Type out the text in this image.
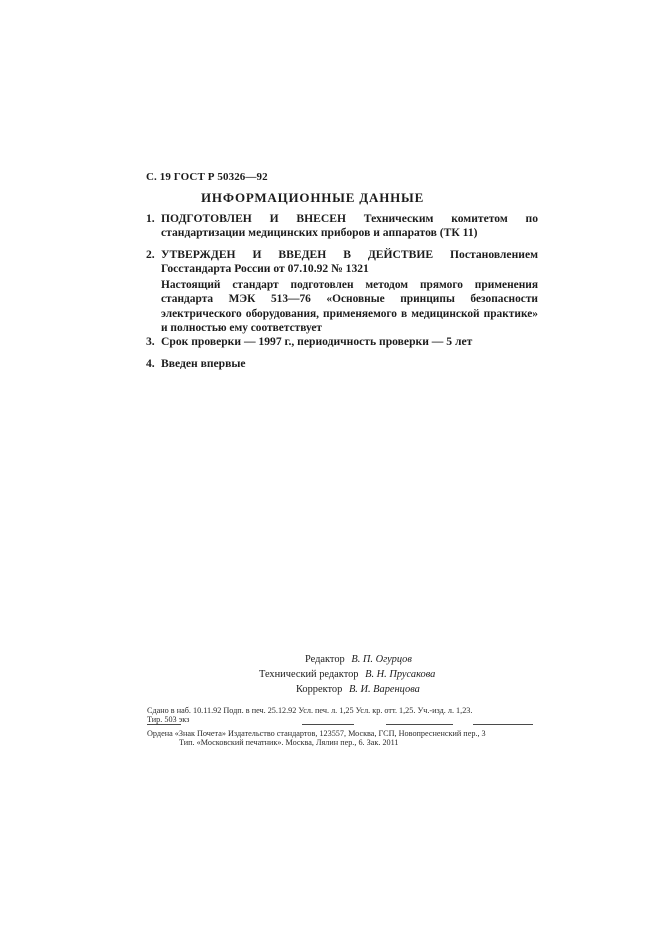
С. 19 ГОСТ Р 50326—92
ИНФОРМАЦИОННЫЕ ДАННЫЕ
1. ПОДГОТОВЛЕН И ВНЕСЕН Техническим комитетом по стандартизации медицинских приборов и аппаратов (ТК 11)
2. УТВЕРЖДЕН И ВВЕДЕН В ДЕЙСТВИЕ Постановлением Госстандарта России от 07.10.92 № 1321
Настоящий стандарт подготовлен методом прямого применения стандарта МЭК 513—76 «Основные принципы безопасности электрического оборудования, применяемого в медицинской практике» и полностью ему соответствует
3. Срок проверки — 1997 г., периодичность проверки — 5 лет
4. Введен впервые
Редактор В. П. Огурцов
Технический редактор В. Н. Прусакова
Корректор В. И. Варенцова
Сдано в наб. 10.11.92 Подп. в печ. 25.12.92 Усл. печ. л. 1,25 Усл. кр. отт. 1,25. Уч.-изд. л. 1,23.
Тир. 503 экз
Ордена «Знак Почета» Издательство стандартов, 123557, Москва, ГСП, Новопресненский пер., 3
Тип. «Московский печатник». Москва, Лялин пер., 6. Зак. 2011
